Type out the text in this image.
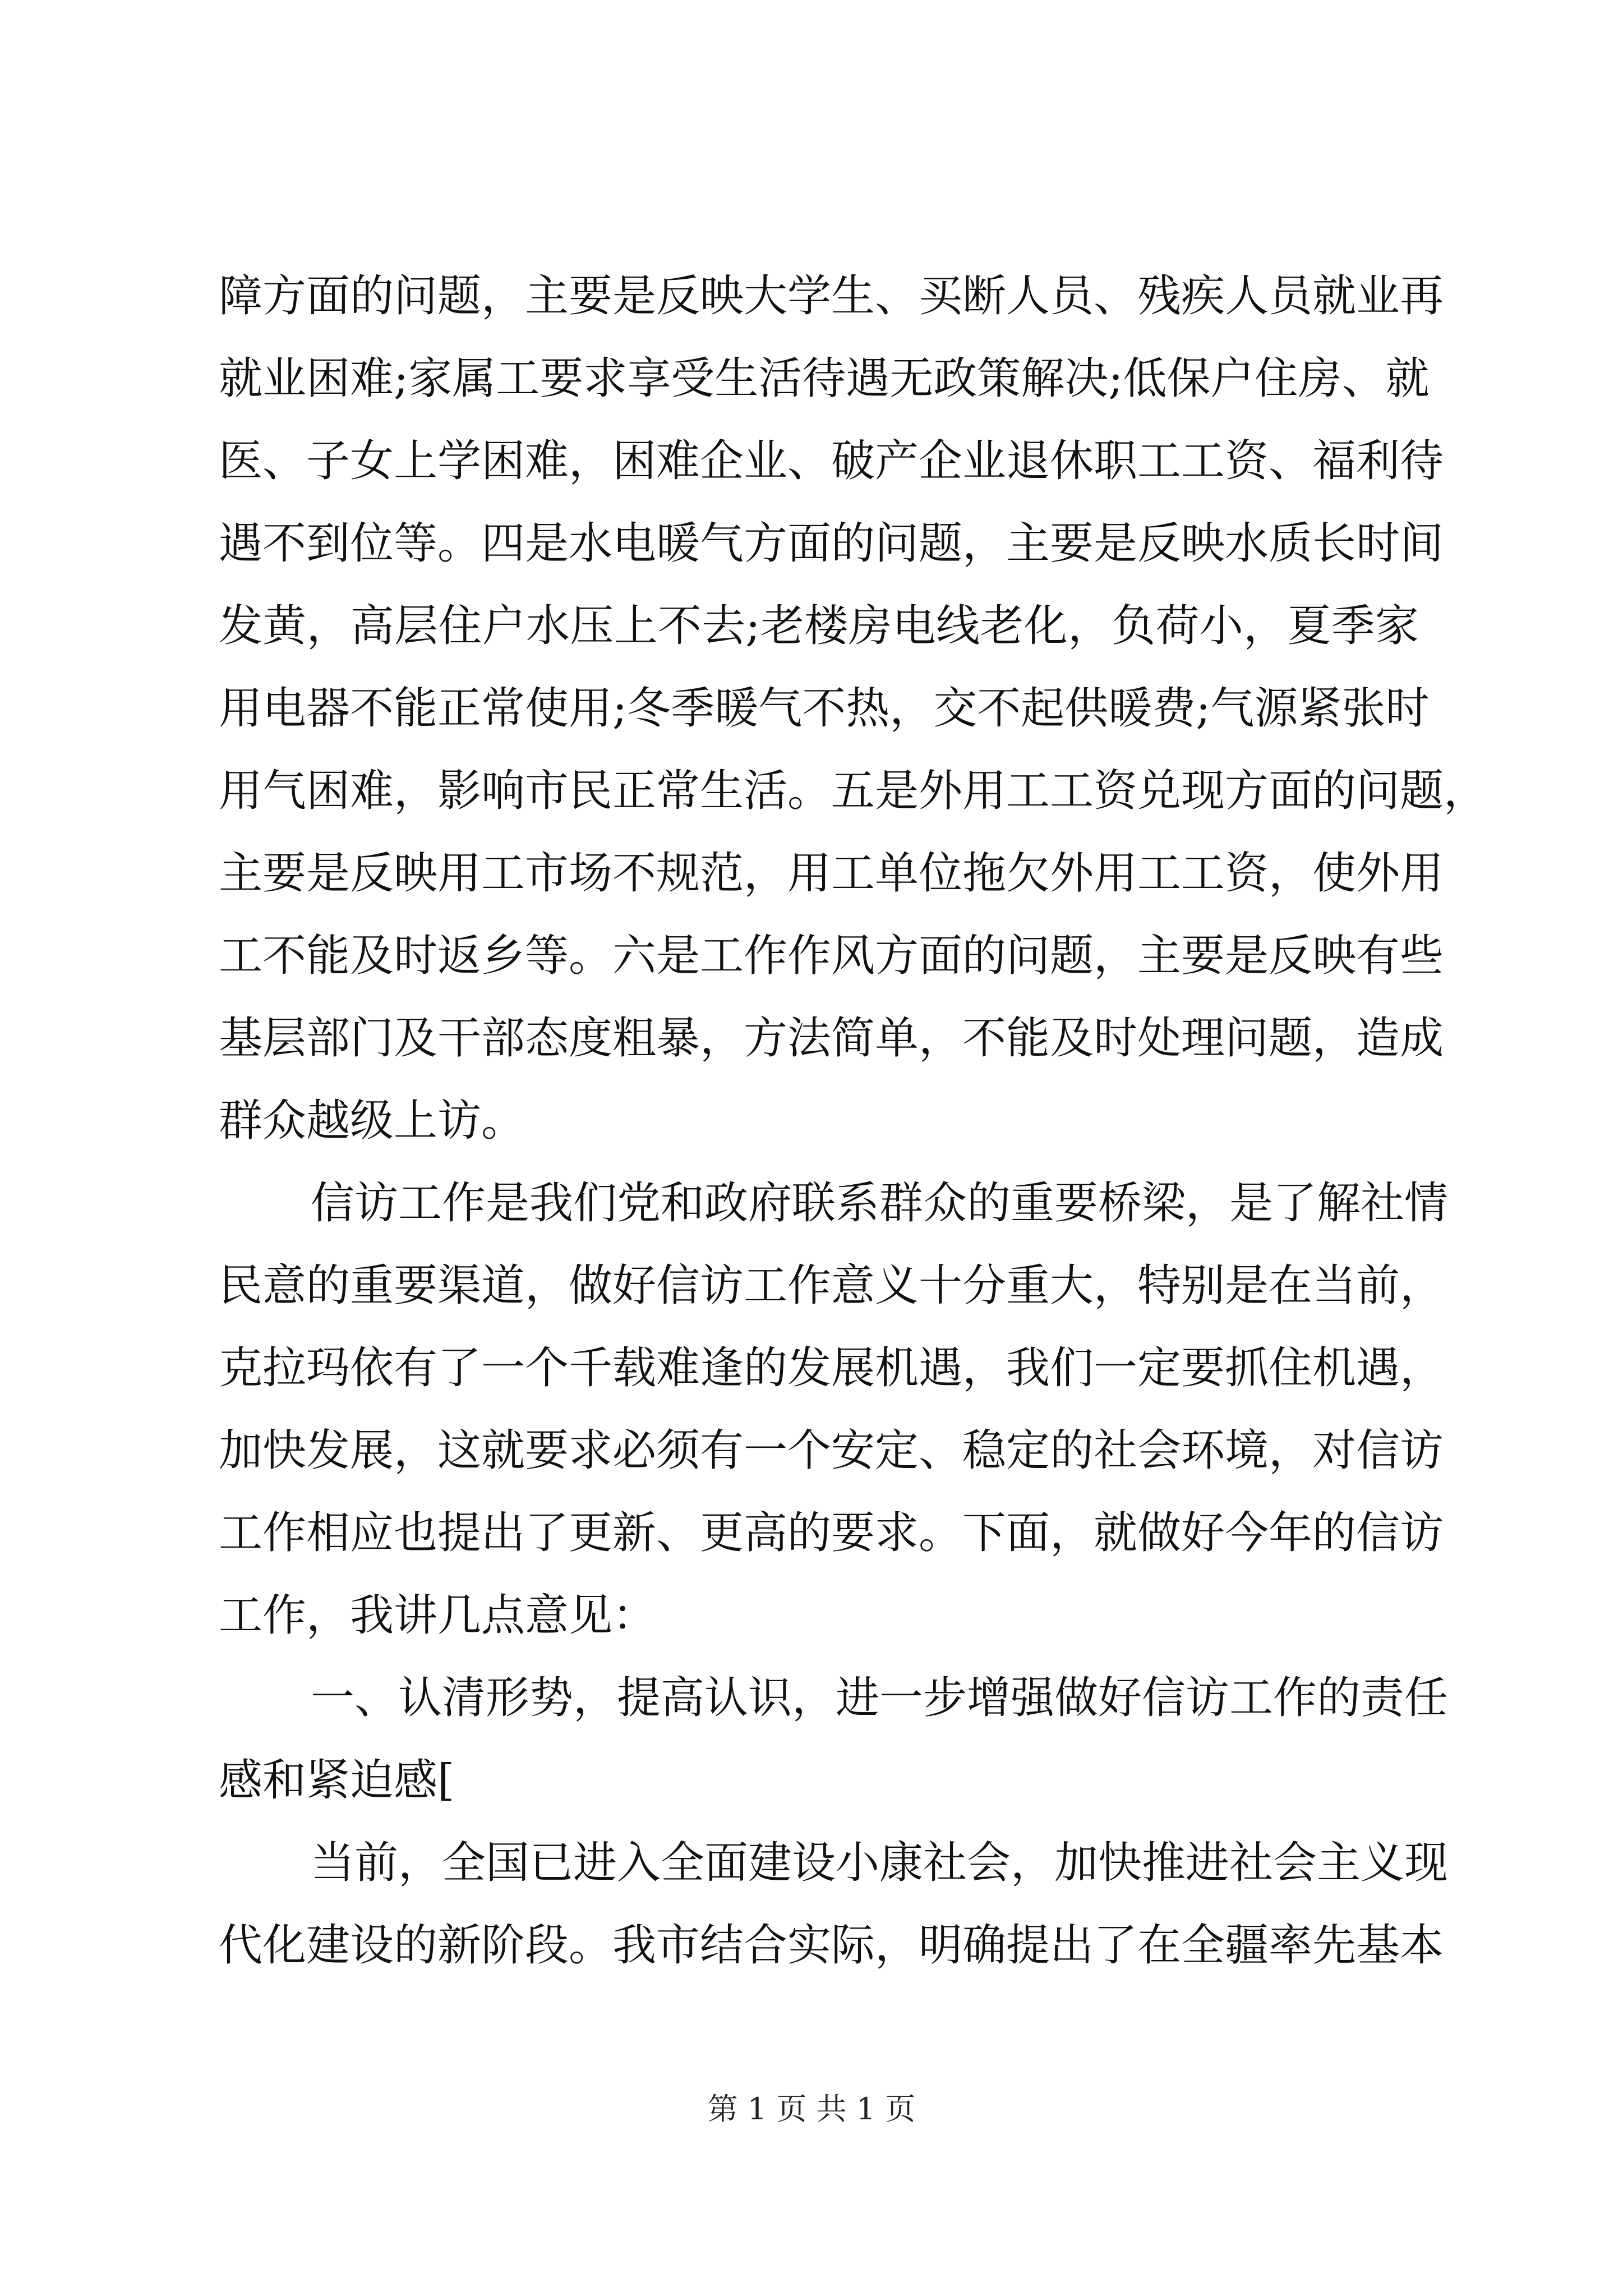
障方面的问题，主要是反映大学生、买断人员、残疾人员就业再
就业困难;家属工要求享受生活待遇无政策解决;低保户住房、就
医、子女上学困难，困难企业、破产企业退休职工工资、福利待
遇不到位等。四是水电暖气方面的问题，主要是反映水质长时间
发黄，高层住户水压上不去;老楼房电线老化，负荷小，夏季家
用电器不能正常使用;冬季暖气不热，交不起供暖费;气源紧张时
用气困难，影响市民正常生活。五是外用工工资兑现方面的问题，
主要是反映用工市场不规范，用工单位拖欠外用工工资，使外用
工不能及时返乡等。六是工作作风方面的问题，主要是反映有些
基层部门及干部态度粗暴，方法简单，不能及时处理问题，造成
群众越级上访。
信访工作是我们党和政府联系群众的重要桥梁，是了解社情
民意的重要渠道，做好信访工作意义十分重大，特别是在当前，
克拉玛依有了一个千载难逢的发展机遇，我们一定要抓住机遇，
加快发展，这就要求必须有一个安定、稳定的社会环境，对信访
工作相应也提出了更新、更高的要求。下面，就做好今年的信访
工作，我讲几点意见：
一、认清形势，提高认识，进一步增强做好信访工作的责任
感和紧迫感[
当前，全国已进入全面建设小康社会，加快推进社会主义现
代化建设的新阶段。我市结合实际，明确提出了在全疆率先基本
第 1 页 共 1 页
